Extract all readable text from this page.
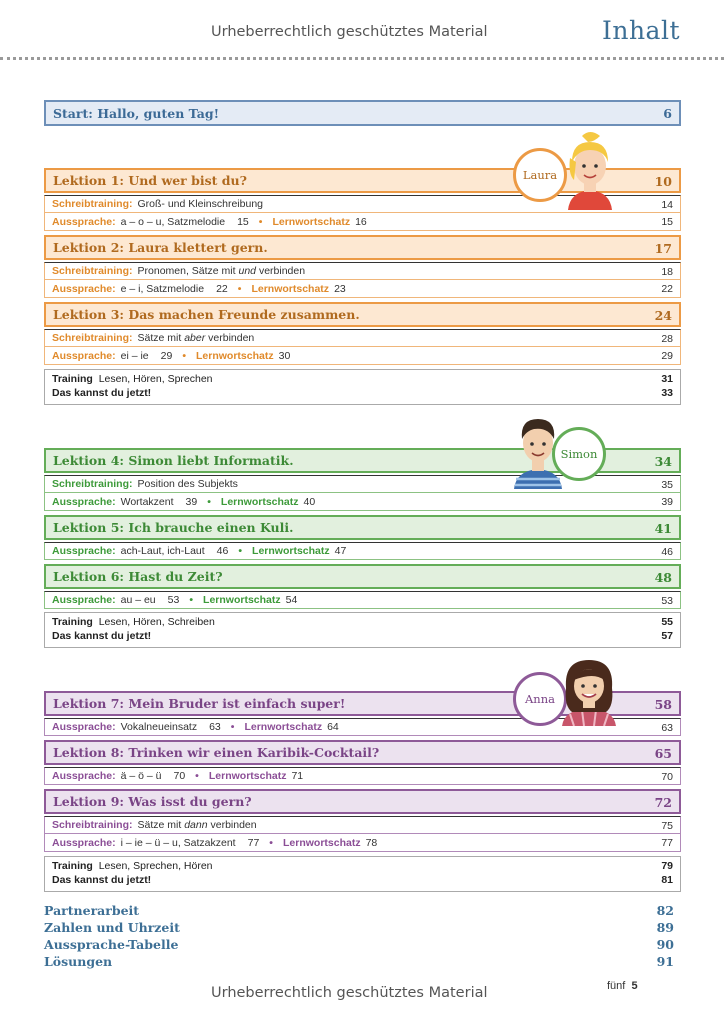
Urheberrechtlich geschütztes Material	Inhalt
Start: Hallo, guten Tag!	6
Lektion 1: Und wer bist du?	10
Schreibtraining: Groß- und Kleinschreibung	14
Aussprache: a – o – u, Satzmelodie 15 • Lernwortschatz 16	15
Lektion 2: Laura klettert gern.	17
Schreibtraining: Pronomen, Sätze mit
und
verbinden	18
Aussprache: e – i, Satzmelodie 22 • Lernwortschatz 23	22
Lektion 3: Das machen Freunde zusammen.	24
Schreibtraining: Sätze mit
aber
verbinden	28
Aussprache: ei – ie 29 • Lernwortschatz 30	29
Training Lesen, Hören, Sprechen	31
Das kannst du jetzt!	33
Lektion 4: Simon liebt Informatik.	34
Schreibtraining: Position des Subjekts	35
Aussprache: Wortakzent 39 • Lernwortschatz 40	39
Lektion 5: Ich brauche einen Kuli.	41
Aussprache: ach-Laut, ich-Laut 46 • Lernwortschatz 47	46
Lektion 6: Hast du Zeit?	48
Aussprache: au – eu 53 • Lernwortschatz 54	53
Training Lesen, Hören, Schreiben	55
Das kannst du jetzt!	57
Lektion 7: Mein Bruder ist einfach super!	58
Aussprache: Vokalneueinsatz 63 • Lernwortschatz 64	63
Lektion 8: Trinken wir einen Karibik-Cocktail?	65
Aussprache: ä – ö – ü 70 • Lernwortschatz 71	70
Lektion 9: Was isst du gern?	72
Schreibtraining: Sätze mit
dann
verbinden	75
Aussprache: i – ie – ü – u, Satzakzent 77 • Lernwortschatz 78	77
Training Lesen, Sprechen, Hören	79
Das kannst du jetzt!	81
Partnerarbeit	82
Zahlen und Uhrzeit	89
Aussprache-Tabelle	90
Lösungen	91
Laura
Simon
Anna
fünf 5
Urheberrechtlich geschütztes Material
